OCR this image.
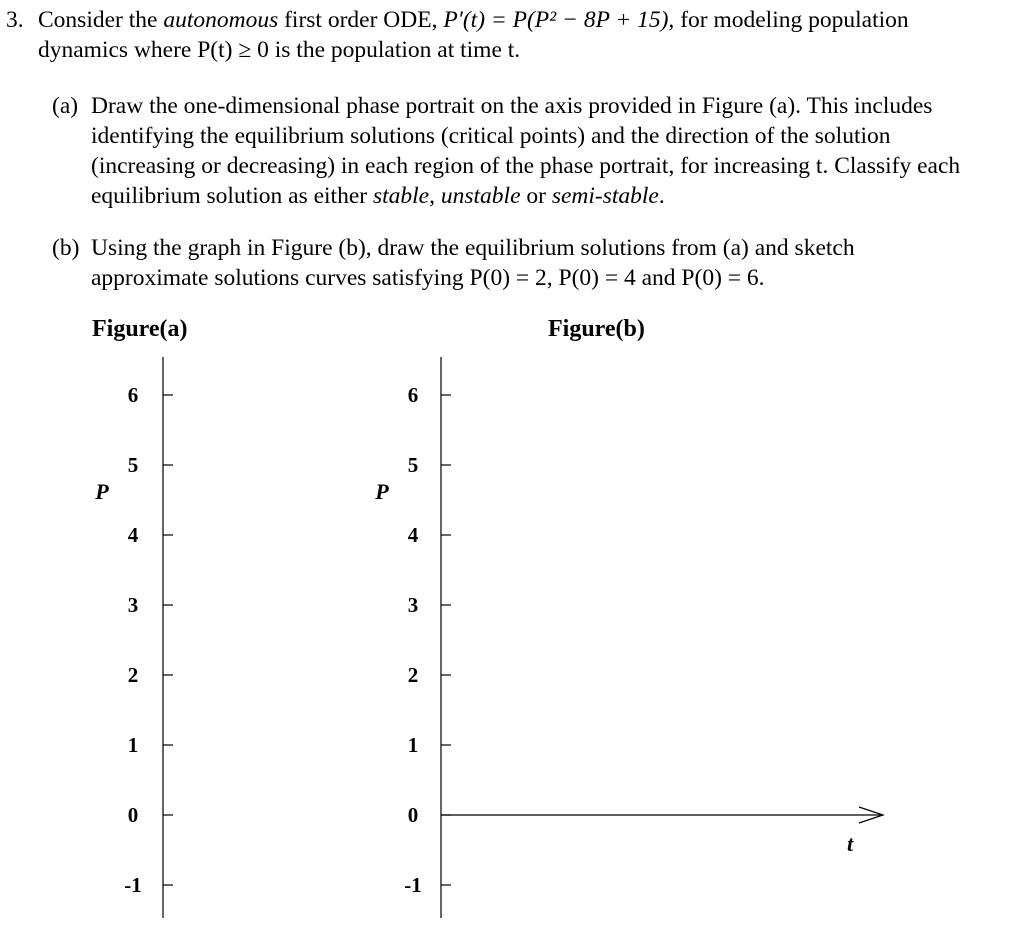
3. Consider the autonomous first order ODE, P′(t) = P(P² − 8P + 15), for modeling population
dynamics where P(t) ≥ 0 is the population at time t.
(a) Draw the one-dimensional phase portrait on the axis provided in Figure (a). This includes
identifying the equilibrium solutions (critical points) and the direction of the solution
(increasing or decreasing) in each region of the phase portrait, for increasing t. Classify each
equilibrium solution as either stable, unstable or semi-stable.
(b) Using the graph in Figure (b), draw the equilibrium solutions from (a) and sketch
approximate solutions curves satisfying P(0) = 2, P(0) = 4 and P(0) = 6.
Figure(a)	Figure(b)
6
5
4
3
2
1
0
-1
P
6
5
4
3
2
1
0
-1
P
t
